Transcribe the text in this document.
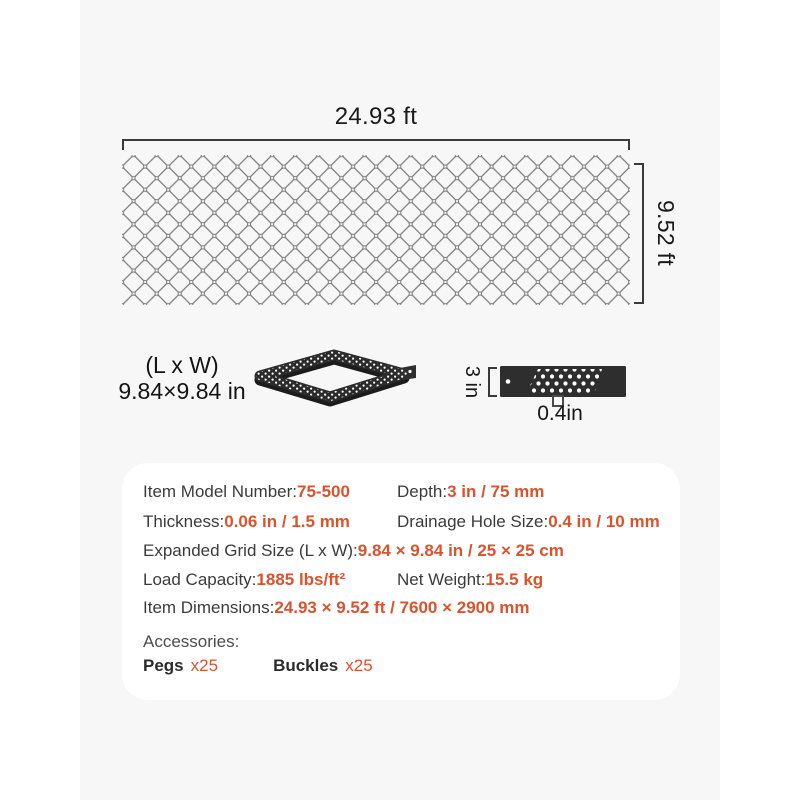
24.93 ft
9.52 ft
(L x W)
9.84×9.84 in	3 in
0.4in
Item Model Number:75-500	Depth:3 in / 75 mm
Thickness:0.06 in / 1.5 mm	Drainage Hole Size:0.4 in / 10 mm
Expanded Grid Size (L x W):9.84 × 9.84 in / 25 × 25 cm
Load Capacity:1885 lbs/ft²	Net Weight:15.5 kg
Item Dimensions:24.93 × 9.52 ft / 7600 × 2900 mm
Accessories:
Pegs x25	Buckles x25
